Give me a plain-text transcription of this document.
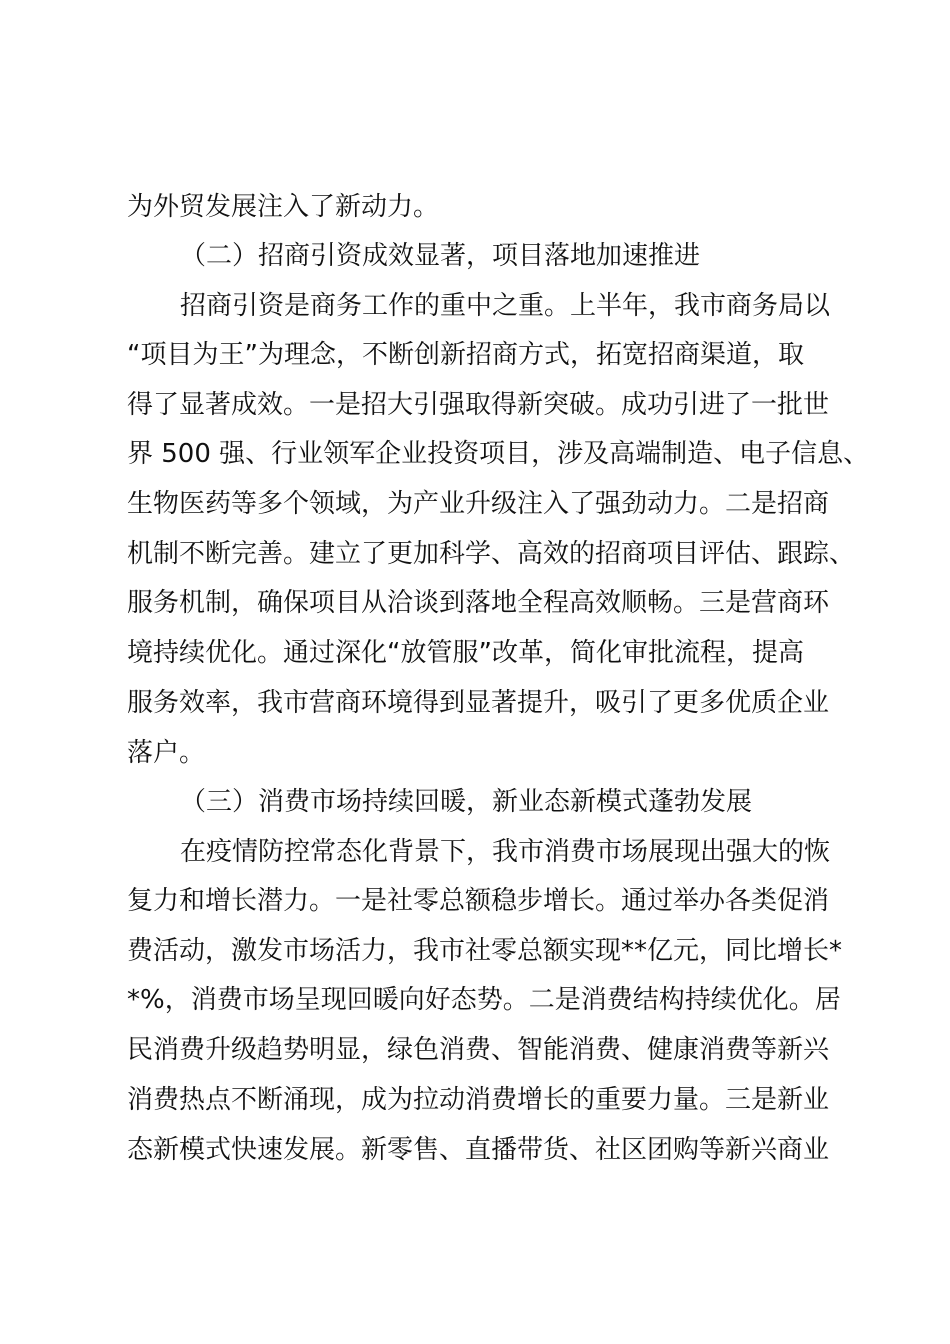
为外贸发展注入了新动力。
（二）招商引资成效显著，项目落地加速推进
招商引资是商务工作的重中之重。上半年，我市商务局以
“项目为王”为理念，不断创新招商方式，拓宽招商渠道，取
得了显著成效。一是招大引强取得新突破。成功引进了一批世
界 500 强、行业领军企业投资项目，涉及高端制造、电子信息、
生物医药等多个领域，为产业升级注入了强劲动力。二是招商
机制不断完善。建立了更加科学、高效的招商项目评估、跟踪、
服务机制，确保项目从洽谈到落地全程高效顺畅。三是营商环
境持续优化。通过深化“放管服”改革，简化审批流程，提高
服务效率，我市营商环境得到显著提升，吸引了更多优质企业
落户。
（三）消费市场持续回暖，新业态新模式蓬勃发展
在疫情防控常态化背景下，我市消费市场展现出强大的恢
复力和增长潜力。一是社零总额稳步增长。通过举办各类促消
费活动，激发市场活力，我市社零总额实现**亿元，同比增长*
*%，消费市场呈现回暖向好态势。二是消费结构持续优化。居
民消费升级趋势明显，绿色消费、智能消费、健康消费等新兴
消费热点不断涌现，成为拉动消费增长的重要力量。三是新业
态新模式快速发展。新零售、直播带货、社区团购等新兴商业
